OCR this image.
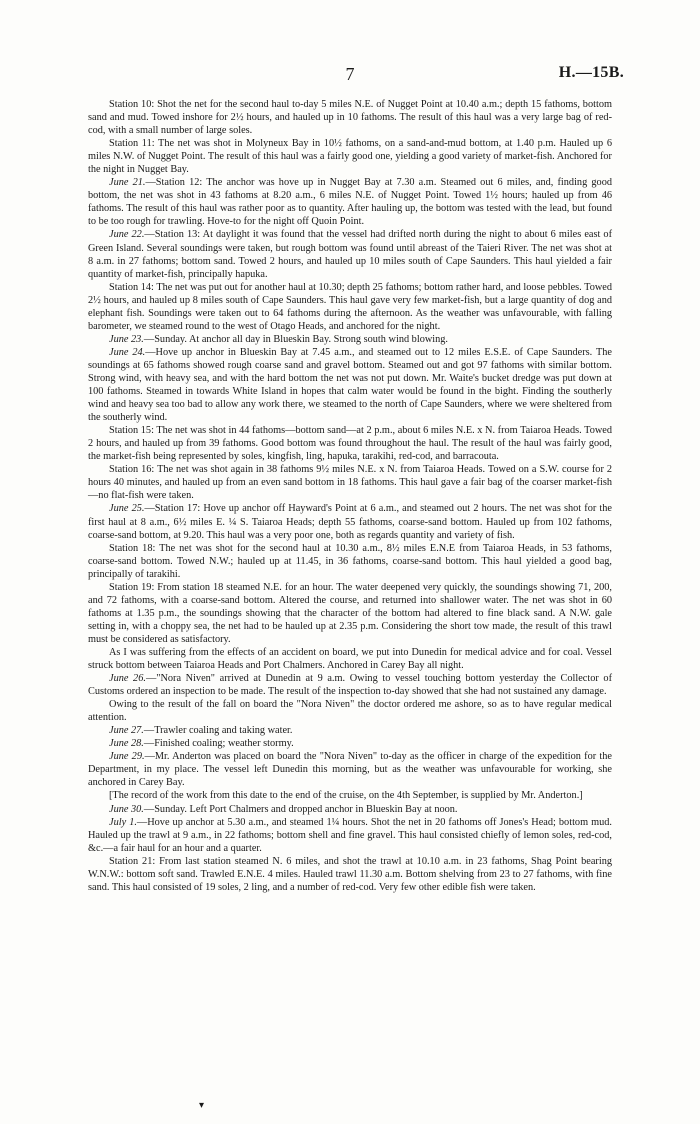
7	H.—15B.

Station 10: Shot the net for the second haul to-day 5 miles N.E. of Nugget Point at 10.40 a.m.; depth 15 fathoms, bottom sand and mud. Towed inshore for 2½ hours, and hauled up in 10 fathoms. The result of this haul was a very large bag of red-cod, with a small number of large soles.

Station 11: The net was shot in Molyneux Bay in 10½ fathoms, on a sand-and-mud bottom, at 1.40 p.m. Hauled up 6 miles N.W. of Nugget Point. The result of this haul was a fairly good one, yielding a good variety of market-fish. Anchored for the night in Nugget Bay.

June 21.—Station 12: The anchor was hove up in Nugget Bay at 7.30 a.m. Steamed out 6 miles, and, finding good bottom, the net was shot in 43 fathoms at 8.20 a.m., 6 miles N.E. of Nugget Point. Towed 1½ hours; hauled up from 46 fathoms. The result of this haul was rather poor as to quantity. After hauling up, the bottom was tested with the lead, but found to be too rough for trawling. Hove-to for the night off Quoin Point.

June 22.—Station 13: At daylight it was found that the vessel had drifted north during the night to about 6 miles east of Green Island. Several soundings were taken, but rough bottom was found until abreast of the Taieri River. The net was shot at 8 a.m. in 27 fathoms; bottom sand. Towed 2 hours, and hauled up 10 miles south of Cape Saunders. This haul yielded a fair quantity of market-fish, principally hapuka.

Station 14: The net was put out for another haul at 10.30; depth 25 fathoms; bottom rather hard, and loose pebbles. Towed 2½ hours, and hauled up 8 miles south of Cape Saunders. This haul gave very few market-fish, but a large quantity of dog and elephant fish. Soundings were taken out to 64 fathoms during the afternoon. As the weather was unfavourable, with falling barometer, we steamed round to the west of Otago Heads, and anchored for the night.

June 23.—Sunday. At anchor all day in Blueskin Bay. Strong south wind blowing.

June 24.—Hove up anchor in Blueskin Bay at 7.45 a.m., and steamed out to 12 miles E.S.E. of Cape Saunders. The soundings at 65 fathoms showed rough coarse sand and gravel bottom. Steamed out and got 97 fathoms with similar bottom. Strong wind, with heavy sea, and with the hard bottom the net was not put down. Mr. Waite's bucket dredge was put down at 100 fathoms. Steamed in towards White Island in hopes that calm water would be found in the bight. Finding the southerly wind and heavy sea too bad to allow any work there, we steamed to the north of Cape Saunders, where we were sheltered from the southerly wind.

Station 15: The net was shot in 44 fathoms—bottom sand—at 2 p.m., about 6 miles N.E. x N. from Taiaroa Heads. Towed 2 hours, and hauled up from 39 fathoms. Good bottom was found throughout the haul. The result of the haul was fairly good, the market-fish being represented by soles, kingfish, ling, hapuka, tarakihi, red-cod, and barracouta.

Station 16: The net was shot again in 38 fathoms 9½ miles N.E. x N. from Taiaroa Heads. Towed on a S.W. course for 2 hours 40 minutes, and hauled up from an even sand bottom in 18 fathoms. This haul gave a fair bag of the coarser market-fish—no flat-fish were taken.

June 25.—Station 17: Hove up anchor off Hayward's Point at 6 a.m., and steamed out 2 hours. The net was shot for the first haul at 8 a.m., 6½ miles E. ¼ S. Taiaroa Heads; depth 55 fathoms, coarse-sand bottom. Hauled up from 102 fathoms, coarse-sand bottom, at 9.20. This haul was a very poor one, both as regards quantity and variety of fish.

Station 18: The net was shot for the second haul at 10.30 a.m., 8½ miles E.N.E from Taiaroa Heads, in 53 fathoms, coarse-sand bottom. Towed N.W.; hauled up at 11.45, in 36 fathoms, coarse-sand bottom. This haul yielded a good bag, principally of tarakihi.

Station 19: From station 18 steamed N.E. for an hour. The water deepened very quickly, the soundings showing 71, 200, and 72 fathoms, with a coarse-sand bottom. Altered the course, and returned into shallower water. The net was shot in 60 fathoms at 1.35 p.m., the soundings showing that the character of the bottom had altered to fine black sand. A N.W. gale setting in, with a choppy sea, the net had to be hauled up at 2.35 p.m. Considering the short tow made, the result of this trawl must be considered as satisfactory.

As I was suffering from the effects of an accident on board, we put into Dunedin for medical advice and for coal. Vessel struck bottom between Taiaroa Heads and Port Chalmers. Anchored in Carey Bay all night.

June 26.—"Nora Niven" arrived at Dunedin at 9 a.m. Owing to vessel touching bottom yesterday the Collector of Customs ordered an inspection to be made. The result of the inspection to-day showed that she had not sustained any damage.

Owing to the result of the fall on board the "Nora Niven" the doctor ordered me ashore, so as to have regular medical attention.

June 27.—Trawler coaling and taking water.

June 28.—Finished coaling; weather stormy.

June 29.—Mr. Anderton was placed on board the "Nora Niven" to-day as the officer in charge of the expedition for the Department, in my place. The vessel left Dunedin this morning, but as the weather was unfavourable for working, she anchored in Carey Bay.

[The record of the work from this date to the end of the cruise, on the 4th September, is supplied by Mr. Anderton.]

June 30.—Sunday. Left Port Chalmers and dropped anchor in Blueskin Bay at noon.

July 1.—Hove up anchor at 5.30 a.m., and steamed 1¼ hours. Shot the net in 20 fathoms off Jones's Head; bottom mud. Hauled up the trawl at 9 a.m., in 22 fathoms; bottom shell and fine gravel. This haul consisted chiefly of lemon soles, red-cod, &c.—a fair haul for an hour and a quarter.

Station 21: From last station steamed N. 6 miles, and shot the trawl at 10.10 a.m. in 23 fathoms, Shag Point bearing W.N.W.: bottom soft sand. Trawled E.N.E. 4 miles. Hauled trawl 11.30 a.m. Bottom shelving from 23 to 27 fathoms, with fine sand. This haul consisted of 19 soles, 2 ling, and a number of red-cod. Very few other edible fish were taken.

▾
